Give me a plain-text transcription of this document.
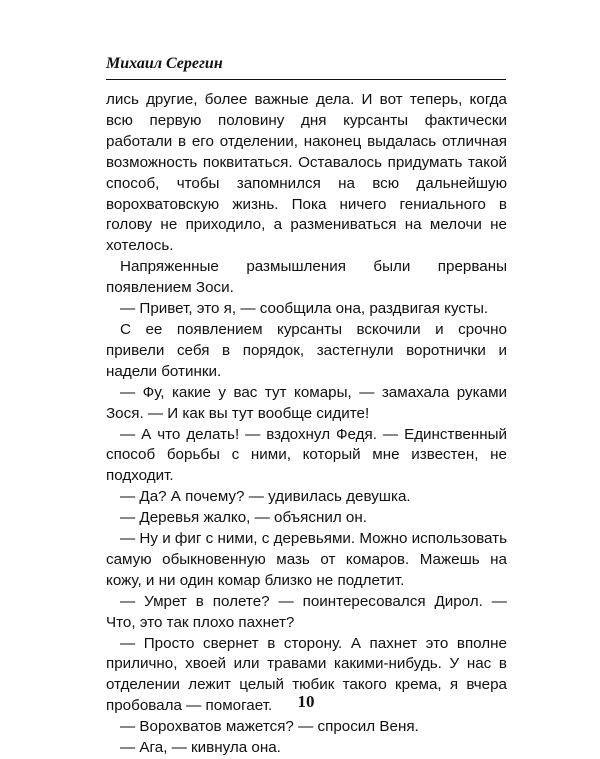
Михаил Серегин

лись другие, более важные дела. И вот теперь, когда всю первую половину дня курсанты фактически работали в его отделении, наконец выдалась отличная возможность поквитаться. Оставалось придумать такой способ, чтобы запомнился на всю дальнейшую ворохватовскую жизнь. Пока ничего гениального в голову не приходило, а размениваться на мелочи не хотелось.

Напряженные размышления были прерваны появлением Зоси.

— Привет, это я, — сообщила она, раздвигая кусты.

С ее появлением курсанты вскочили и срочно привели себя в порядок, застегнули воротнички и надели ботинки.

— Фу, какие у вас тут комары, — замахала руками Зося. — И как вы тут вообще сидите!

— А что делать! — вздохнул Федя. — Единственный способ борьбы с ними, который мне известен, не подходит.

— Да? А почему? — удивилась девушка.

— Деревья жалко, — объяснил он.

— Ну и фиг с ними, с деревьями. Можно использовать самую обыкновенную мазь от комаров. Мажешь на кожу, и ни один комар близко не подлетит.

— Умрет в полете? — поинтересовался Дирол. — Что, это так плохо пахнет?

— Просто свернет в сторону. А пахнет это вполне прилично, хвоей или травами какими-нибудь. У нас в отделении лежит целый тюбик такого крема, я вчера пробовала — помогает.

— Ворохватов мажется? — спросил Веня.

— Ага, — кивнула она.

10
